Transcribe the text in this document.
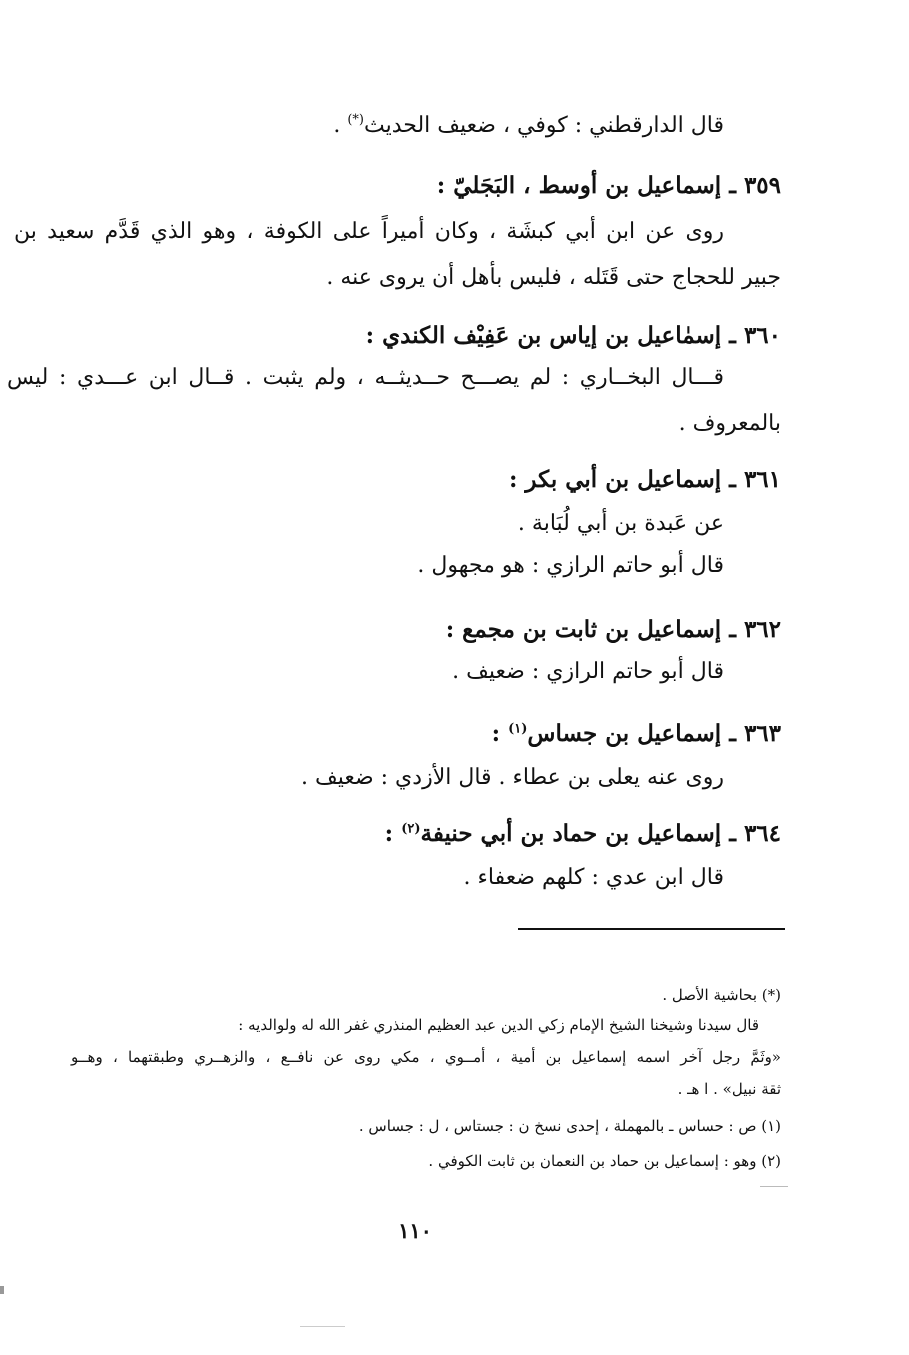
قال الدارقطني : كوفي ، ضعيف الحديث(*) .
٣٥٩ ـ إسماعيل بن أوسط ، البَجَليّ :
روى عن ابن أبي كبشَة ، وكان أميراً على الكوفة ، وهو الذي قَدَّم سعيد بن
جبير للحجاج حتى قَتَله ، فليس بأهل أن يروى عنه .
٣٦٠ ـ إسمٰاعيل بن إياس بن عَفِيْف الكندي :
قـــال البخــاري : لم يصـــح حــديثــه ، ولم يثبت . قــال ابن عـــدي : ليس
بالمعروف .
٣٦١ ـ إسماعيل بن أبي بكر :
عن عَبدة بن أبي لُبَابة .
قال أبو حاتم الرازي : هو مجهول .
٣٦٢ ـ إسماعيل بن ثابت بن مجمع :
قال أبو حاتم الرازي : ضعيف .
٣٦٣ ـ إسماعيل بن جساس$^{(١)}$ :
روى عنه يعلى بن عطاء . قال الأزدي : ضعيف .
٣٦٤ ـ إسماعيل بن حماد بن أبي حنيفة$^{(٢)}$ :
قال ابن عدي : كلهم ضعفاء .
(*) بحاشية الأصل .
قال سيدنا وشيخنا الشيخ الإمام زكي الدين عبد العظيم المنذري غفر الله له ولوالديه :
«وثَمَّ رجل آخر اسمه إسماعيل بن أمية ، أمــوي ، مكي روى عن نافــع ، والزهــري وطبقتهما ، وهــو
ثقة نبيل» . ا هـ .
(١) ص : حساس ـ بالمهملة ، إحدى نسخ ن : جستاس ، ل : جساس .
(٢) وهو : إسماعيل بن حماد بن النعمان بن ثابت الكوفي .
١١٠
